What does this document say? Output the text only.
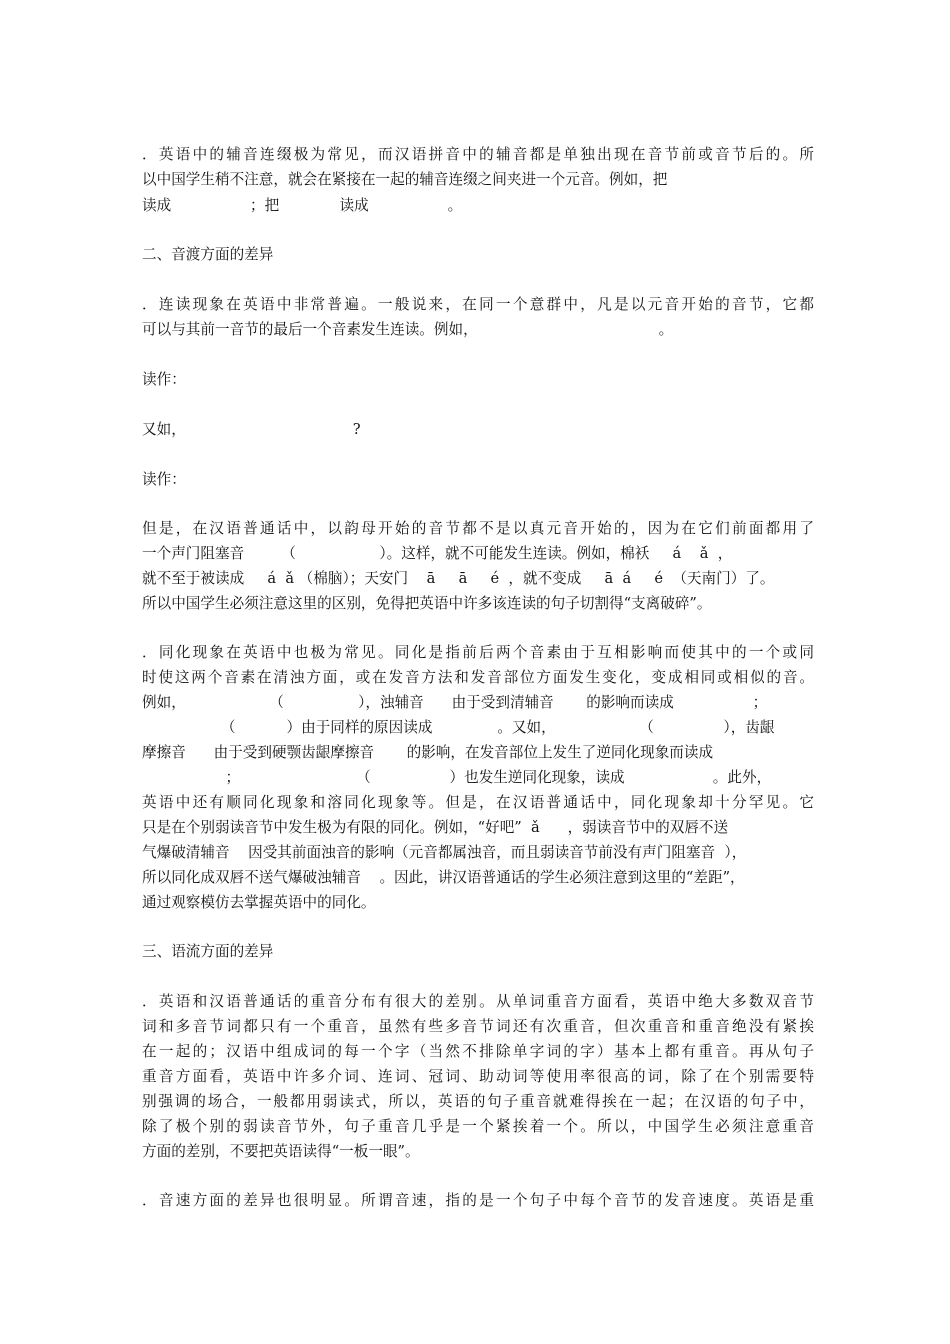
．英语中的辅音连缀极为常见，而汉语拼音中的辅音都是单独出现在音节前或音节后的。所
以中国学生稍不注意，就会在紧接在一起的辅音连缀之间夹进一个元音。例如，把
读成                 ；把             读成                 。
二、音渡方面的差异
．连读现象在英语中非常普遍。一般说来，在同一个意群中，凡是以元音开始的音节，它都
可以与其前一音节的最后一个音素发生连读。例如，                                       。
读作：
又如，                                    ?
读作：
但是，在汉语普通话中，以韵母开始的音节都不是以真元音开始的，因为在它们前面都用了
一个声门阻塞音        （                  ）。这样，就不可能发生连读。例如，棉袄     á    ǎ  ，
就不至于被读成     á  ǎ （棉脑）；天安门    ā     ā     é  ，就不变成     ā  á     é  （天南门）了。
所以中国学生必须注意这里的区别，免得把英语中许多该连读的句子切割得“支离破碎”。
．同化现象在英语中也极为常见。同化是指前后两个音素由于互相影响而使其中的一个或同
时使这两个音素在清浊方面，或在发音方法和发音部位方面发生变化，变成相同或相似的音。
例如，                  （                ），浊辅音      由于受到清辅音       的影响而读成                 ；
（           ）由于同样的原因读成              。又如，                  （               ），齿龈
摩擦音      由于受到硬颚齿龈摩擦音       的影响，在发音部位上发生了逆同化现象而读成
；                         （                 ）也发生逆同化现象，读成                   。此外，
英语中还有顺同化现象和溶同化现象等。但是，在汉语普通话中，同化现象却十分罕见。它
只是在个别弱读音节中发生极为有限的同化。例如，“好吧”  ǎ      ，弱读音节中的双唇不送
气爆破清辅音    因受其前面浊音的影响（元音都属浊音，而且弱读音节前没有声门阻塞音  ），
所以同化成双唇不送气爆破浊辅音    。因此，讲汉语普通话的学生必须注意到这里的“差距”，
通过观察模仿去掌握英语中的同化。
三、语流方面的差异
．英语和汉语普通话的重音分布有很大的差别。从单词重音方面看，英语中绝大多数双音节
词和多音节词都只有一个重音，虽然有些多音节词还有次重音，但次重音和重音绝没有紧挨
在一起的；汉语中组成词的每一个字（当然不排除单字词的字）基本上都有重音。再从句子
重音方面看，英语中许多介词、连词、冠词、助动词等使用率很高的词，除了在个别需要特
别强调的场合，一般都用弱读式，所以，英语的句子重音就难得挨在一起；在汉语的句子中，
除了极个别的弱读音节外，句子重音几乎是一个紧挨着一个。所以，中国学生必须注意重音
方面的差别，不要把英语读得“一板一眼”。
．音速方面的差异也很明显。所谓音速，指的是一个句子中每个音节的发音速度。英语是重
